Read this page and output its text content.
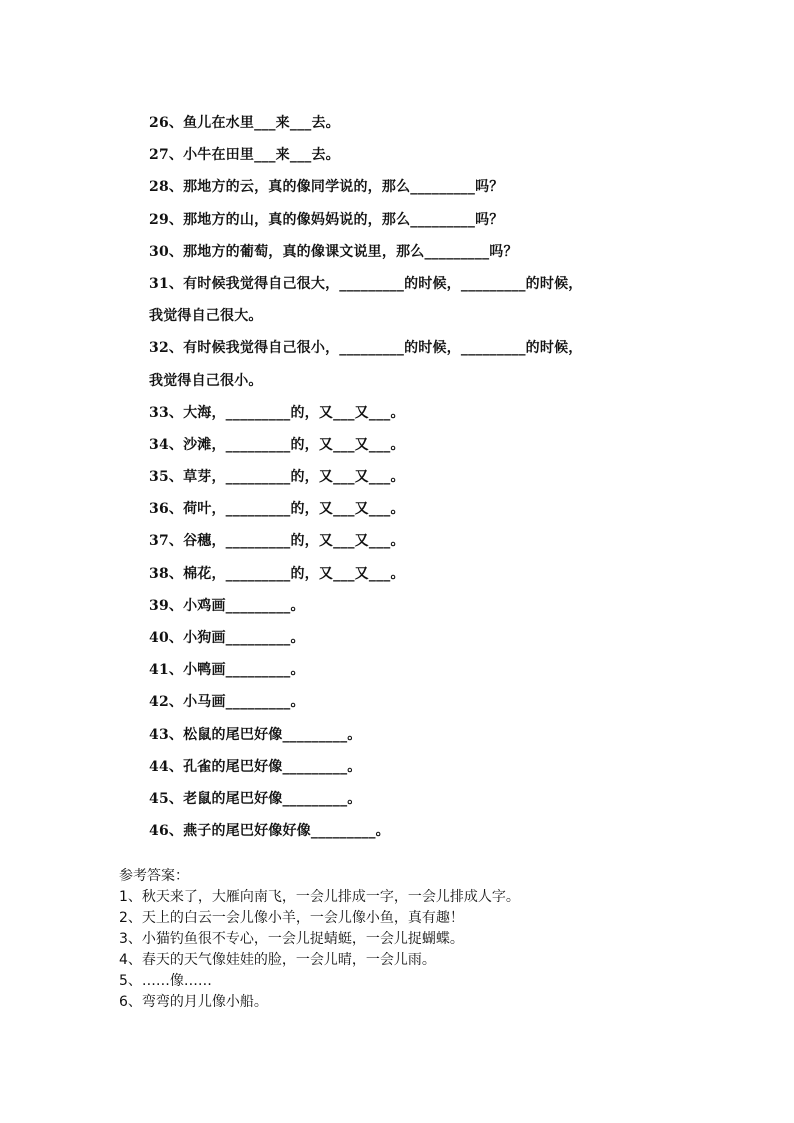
26、鱼儿在水里___来___去。
27、小牛在田里___来___去。
28、那地方的云，真的像同学说的，那么_________吗？
29、那地方的山，真的像妈妈说的，那么_________吗？
30、那地方的葡萄，真的像课文说里，那么_________吗？
31、有时候我觉得自己很大，_________的时候，_________的时候，
我觉得自己很大。
32、有时候我觉得自己很小，_________的时候，_________的时候，
我觉得自己很小。
33、大海，_________的，又___又___。
34、沙滩，_________的，又___又___。
35、草芽，_________的，又___又___。
36、荷叶，_________的，又___又___。
37、谷穗，_________的，又___又___。
38、棉花，_________的，又___又___。
39、小鸡画_________。
40、小狗画_________。
41、小鸭画_________。
42、小马画_________。
43、松鼠的尾巴好像_________。
44、孔雀的尾巴好像_________。
45、老鼠的尾巴好像_________。
46、燕子的尾巴好像好像_________。
参考答案：
1、秋天来了，大雁向南飞，一会儿排成一字，一会儿排成人字。
2、天上的白云一会儿像小羊，一会儿像小鱼，真有趣！
3、小猫钓鱼很不专心，一会儿捉蜻蜓，一会儿捉蝴蝶。
4、春天的天气像娃娃的脸，一会儿晴，一会儿雨。
5、……像……
6、弯弯的月儿像小船。
